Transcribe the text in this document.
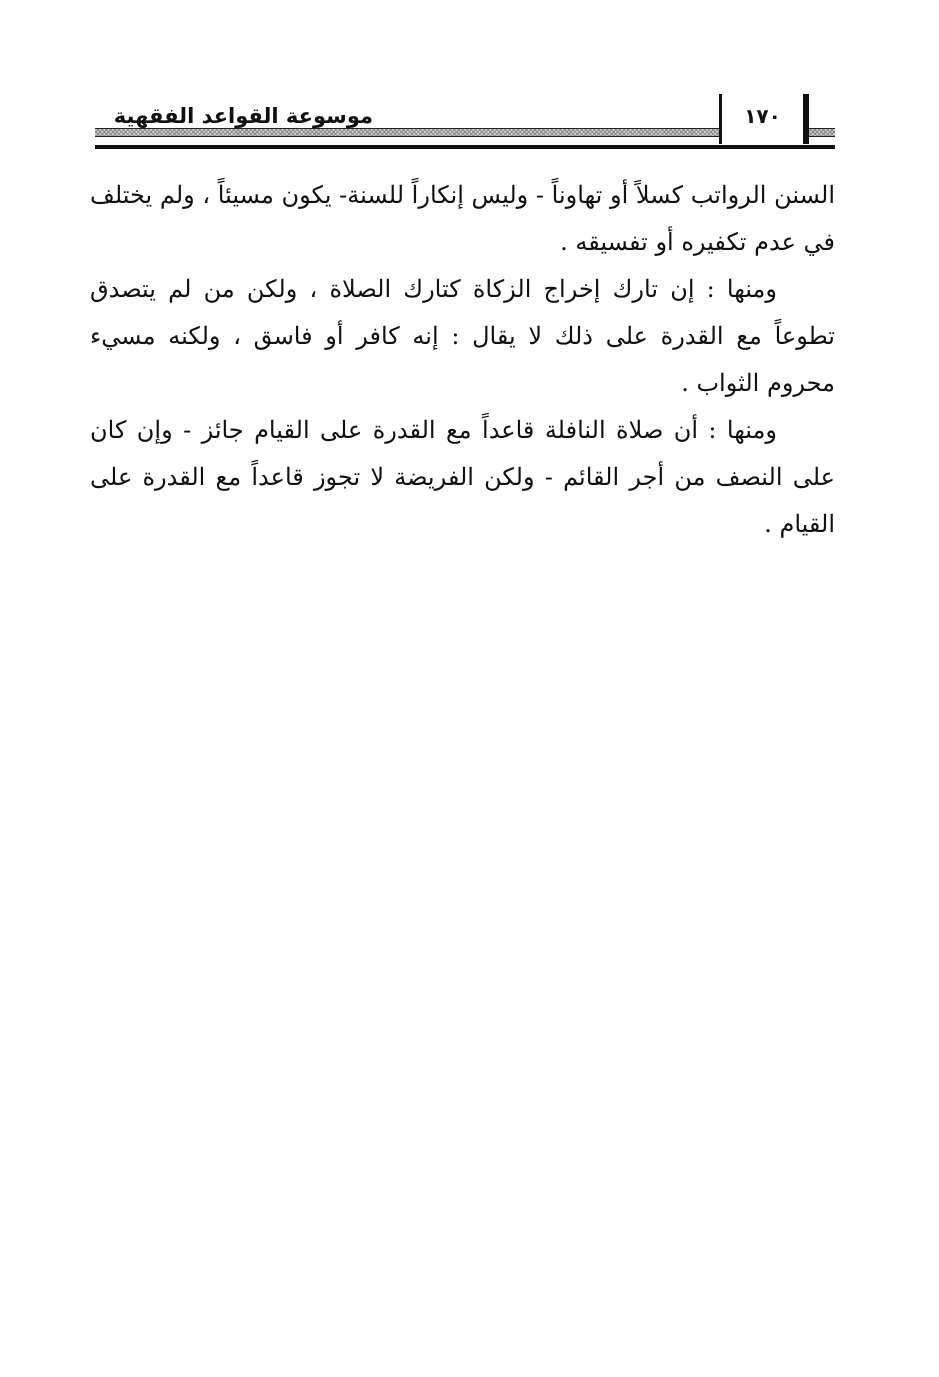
موسوعة القواعد الفقهية	١٧٠

السنن الرواتب كسلاً أو تهاوناً - وليس إنكاراً للسنة- يكون مسيئاً ، ولم يختلف في عدم تكفيره أو تفسيقه .

ومنها : إن تارك إخراج الزكاة كتارك الصلاة ، ولكن من لم يتصدق تطوعاً مع القدرة على ذلك لا يقال : إنه كافر أو فاسق ، ولكنه مسيء محروم الثواب .

ومنها : أن صلاة النافلة قاعداً مع القدرة على القيام جائز - وإن كان على النصف من أجر القائم - ولكن الفريضة لا تجوز قاعداً مع القدرة على القيام .
